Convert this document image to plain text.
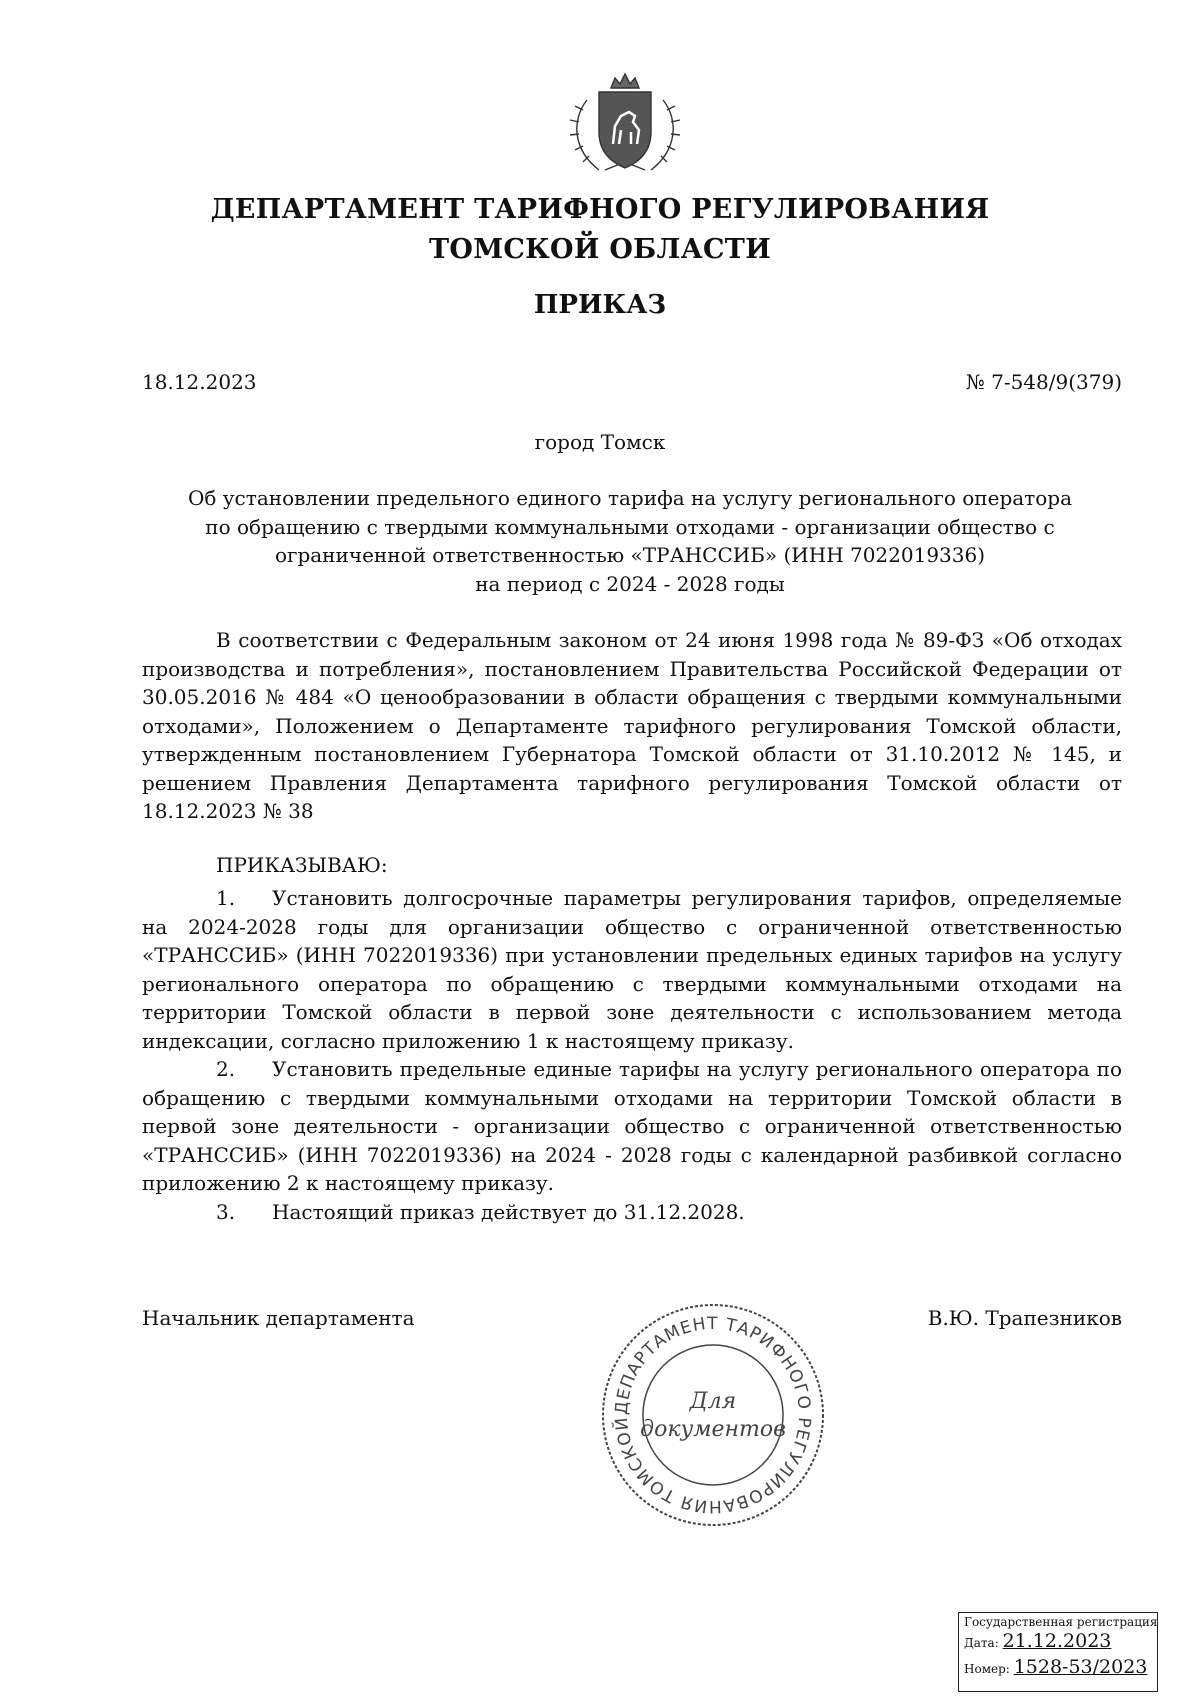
ДЕПАРТАМЕНТ ТАРИФНОГО РЕГУЛИРОВАНИЯ
ТОМСКОЙ ОБЛАСТИ
ПРИКАЗ
18.12.2023	№ 7-548/9(379)
город Томск
Об установлении предельного единого тарифа на услугу регионального оператора
по обращению с твердыми коммунальными отходами - организации общество с
ограниченной ответственностью «ТРАНССИБ» (ИНН 7022019336)
на период с 2024 - 2028 годы

В соответствии с Федеральным законом от 24 июня 1998 года № 89-ФЗ «Об отходах производства и потребления», постановлением Правительства Российской Федерации от 30.05.2016 № 484 «О ценообразовании в области обращения с твердыми коммунальными отходами», Положением о Департаменте тарифного регулирования Томской области, утвержденным постановлением Губернатора Томской области от 31.10.2012 № 145, и решением Правления Департамента тарифного регулирования Томской области от 18.12.2023 № 38

ПРИКАЗЫВАЮ:

1. Установить долгосрочные параметры регулирования тарифов, определяемые на 2024-2028 годы для организации общество с ограниченной ответственностью «ТРАНССИБ» (ИНН 7022019336) при установлении предельных единых тарифов на услугу регионального оператора по обращению с твердыми коммунальными отходами на территории Томской области в первой зоне деятельности с использованием метода индексации, согласно приложению 1 к настоящему приказу.

2. Установить предельные единые тарифы на услугу регионального оператора по обращению с твердыми коммунальными отходами на территории Томской области в первой зоне деятельности - организации общество с ограниченной ответственностью «ТРАНССИБ» (ИНН 7022019336) на 2024 - 2028 годы с календарной разбивкой согласно приложению 2 к настоящему приказу.

3. Настоящий приказ действует до 31.12.2028.

Начальник департамента	В.Ю. Трапезников
ДЕПАРТАМЕНТ ТАРИФНОГО РЕГУЛИРОВАНИЯ ТОМСКОЙ
Для
документов
Государственная регистрация
Дата: 21.12.2023
Номер: 1528-53/2023
